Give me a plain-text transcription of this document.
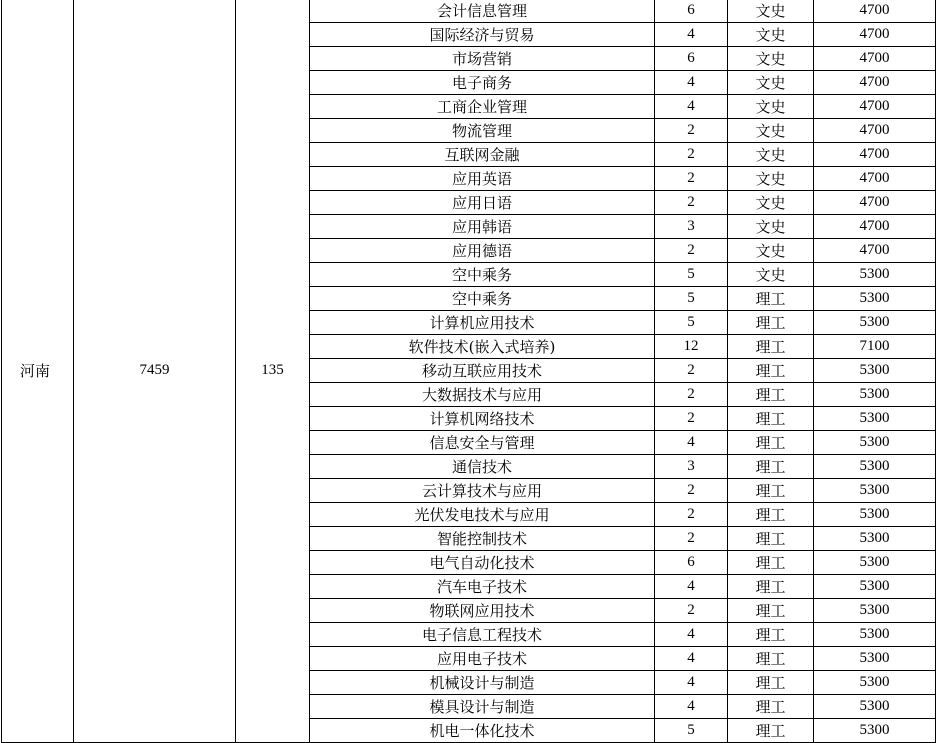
河南	7459	135	会计信息管理	6	文史	4700
			国际经济与贸易	4	文史	4700
			市场营销	6	文史	4700
			电子商务	4	文史	4700
			工商企业管理	4	文史	4700
			物流管理	2	文史	4700
			互联网金融	2	文史	4700
			应用英语	2	文史	4700
			应用日语	2	文史	4700
			应用韩语	3	文史	4700
			应用德语	2	文史	4700
			空中乘务	5	文史	5300
			空中乘务	5	理工	5300
			计算机应用技术	5	理工	5300
			软件技术(嵌入式培养)	12	理工	7100
			移动互联应用技术	2	理工	5300
			大数据技术与应用	2	理工	5300
			计算机网络技术	2	理工	5300
			信息安全与管理	4	理工	5300
			通信技术	3	理工	5300
			云计算技术与应用	2	理工	5300
			光伏发电技术与应用	2	理工	5300
			智能控制技术	2	理工	5300
			电气自动化技术	6	理工	5300
			汽车电子技术	4	理工	5300
			物联网应用技术	2	理工	5300
			电子信息工程技术	4	理工	5300
			应用电子技术	4	理工	5300
			机械设计与制造	4	理工	5300
			模具设计与制造	4	理工	5300
			机电一体化技术	5	理工	5300
